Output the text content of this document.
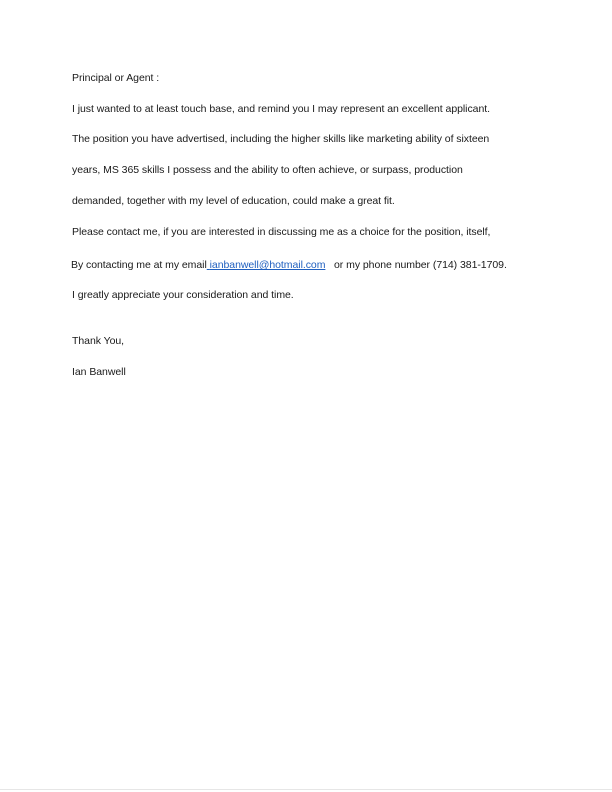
Principal or Agent :
I just wanted to at least touch base, and remind you I may represent an excellent applicant.
The position you have advertised, including the higher skills like marketing ability of sixteen
years, MS 365 skills I possess and the ability to often achieve, or surpass, production
demanded, together with my level of education, could make a great fit.
Please contact me, if you are interested in discussing me as a choice for the position, itself,
By contacting me at my email ianbanwell@hotmail.com or my phone number (714) 381-1709.
I greatly appreciate your consideration and time.
Thank You,
Ian Banwell
